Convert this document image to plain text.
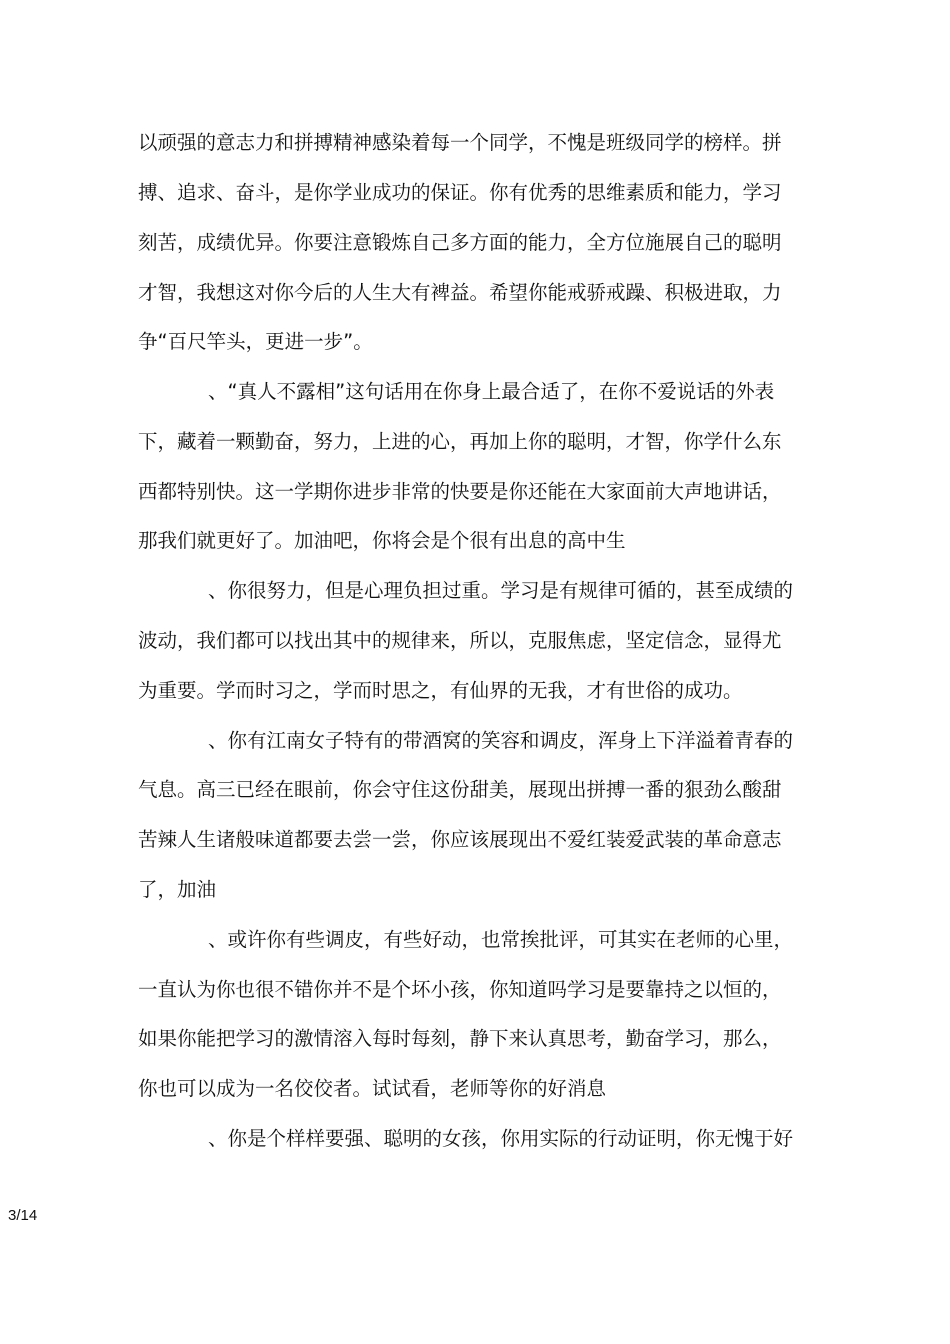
以顽强的意志力和拼搏精神感染着每一个同学，不愧是班级同学的榜样。拼
搏、追求、奋斗，是你学业成功的保证。你有优秀的思维素质和能力，学习
刻苦，成绩优异。你要注意锻炼自己多方面的能力，全方位施展自己的聪明
才智，我想这对你今后的人生大有裨益。希望你能戒骄戒躁、积极进取，力
争“百尺竿头，更进一步”。
、“真人不露相”这句话用在你身上最合适了，在你不爱说话的外表
下，藏着一颗勤奋，努力，上进的心，再加上你的聪明，才智，你学什么东
西都特别快。这一学期你进步非常的快要是你还能在大家面前大声地讲话，
那我们就更好了。加油吧，你将会是个很有出息的高中生
、你很努力，但是心理负担过重。学习是有规律可循的，甚至成绩的
波动，我们都可以找出其中的规律来，所以，克服焦虑，坚定信念，显得尤
为重要。学而时习之，学而时思之，有仙界的无我，才有世俗的成功。
、你有江南女子特有的带酒窝的笑容和调皮，浑身上下洋溢着青春的
气息。高三已经在眼前，你会守住这份甜美，展现出拼搏一番的狠劲么酸甜
苦辣人生诸般味道都要去尝一尝，你应该展现出不爱红装爱武装的革命意志
了，加油
、或许你有些调皮，有些好动，也常挨批评，可其实在老师的心里，
一直认为你也很不错你并不是个坏小孩，你知道吗学习是要靠持之以恒的，
如果你能把学习的激情溶入每时每刻，静下来认真思考，勤奋学习，那么，
你也可以成为一名佼佼者。试试看，老师等你的好消息
、你是个样样要强、聪明的女孩，你用实际的行动证明，你无愧于好
3/14
